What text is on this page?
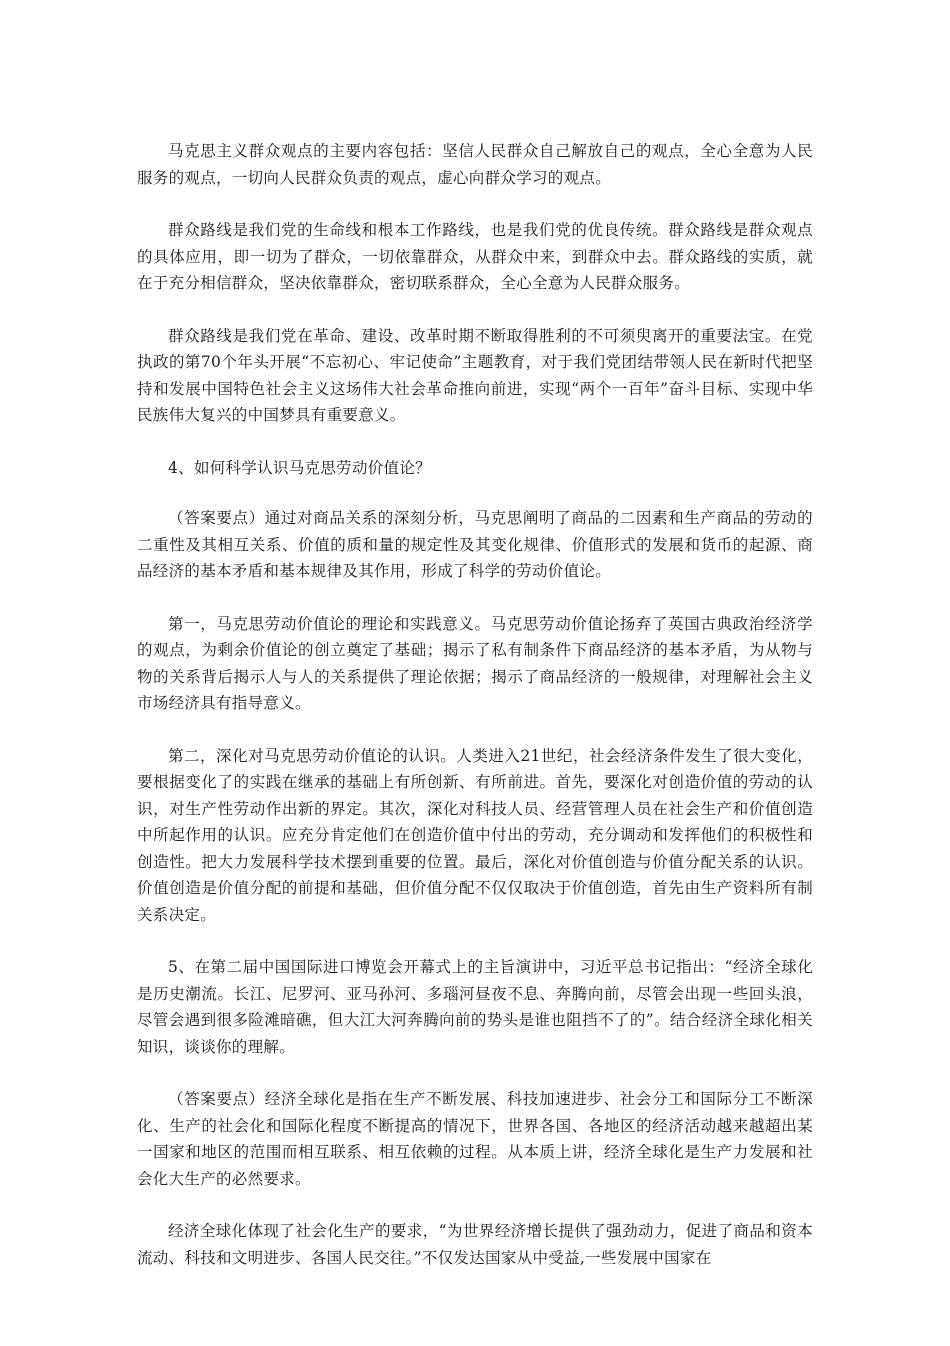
马克思主义群众观点的主要内容包括：坚信人民群众自己解放自己的观点，全心全意为人民服务的观点，一切向人民群众负责的观点，虚心向群众学习的观点。

群众路线是我们党的生命线和根本工作路线，也是我们党的优良传统。群众路线是群众观点的具体应用，即一切为了群众，一切依靠群众，从群众中来，到群众中去。群众路线的实质，就在于充分相信群众，坚决依靠群众，密切联系群众，全心全意为人民群众服务。

群众路线是我们党在革命、建设、改革时期不断取得胜利的不可须臾离开的重要法宝。在党执政的第70个年头开展“不忘初心、牢记使命”主题教育，对于我们党团结带领人民在新时代把坚持和发展中国特色社会主义这场伟大社会革命推向前进，实现“两个一百年”奋斗目标、实现中华民族伟大复兴的中国梦具有重要意义。

4、如何科学认识马克思劳动价值论？

（答案要点）通过对商品关系的深刻分析，马克思阐明了商品的二因素和生产商品的劳动的二重性及其相互关系、价值的质和量的规定性及其变化规律、价值形式的发展和货币的起源、商品经济的基本矛盾和基本规律及其作用，形成了科学的劳动价值论。

第一，马克思劳动价值论的理论和实践意义。马克思劳动价值论扬弃了英国古典政治经济学的观点，为剩余价值论的创立奠定了基础；揭示了私有制条件下商品经济的基本矛盾，为从物与物的关系背后揭示人与人的关系提供了理论依据；揭示了商品经济的一般规律，对理解社会主义市场经济具有指导意义。

第二，深化对马克思劳动价值论的认识。人类进入21世纪，社会经济条件发生了很大变化，要根据变化了的实践在继承的基础上有所创新、有所前进。首先，要深化对创造价值的劳动的认识，对生产性劳动作出新的界定。其次，深化对科技人员、经营管理人员在社会生产和价值创造中所起作用的认识。应充分肯定他们在创造价值中付出的劳动，充分调动和发挥他们的积极性和创造性。把大力发展科学技术摆到重要的位置。最后，深化对价值创造与价值分配关系的认识。价值创造是价值分配的前提和基础，但价值分配不仅仅取决于价值创造，首先由生产资料所有制关系决定。

5、在第二届中国国际进口博览会开幕式上的主旨演讲中，习近平总书记指出：“经济全球化是历史潮流。长江、尼罗河、亚马孙河、多瑙河昼夜不息、奔腾向前，尽管会出现一些回头浪，尽管会遇到很多险滩暗礁，但大江大河奔腾向前的势头是谁也阻挡不了的”。结合经济全球化相关知识，谈谈你的理解。

（答案要点）经济全球化是指在生产不断发展、科技加速进步、社会分工和国际分工不断深化、生产的社会化和国际化程度不断提高的情况下，世界各国、各地区的经济活动越来越超出某一国家和地区的范围而相互联系、相互依赖的过程。从本质上讲，经济全球化是生产力发展和社会化大生产的必然要求。

经济全球化体现了社会化生产的要求，“为世界经济增长提供了强劲动力，促进了商品和资本流动、科技和文明进步、各国人民交往。”不仅发达国家从中受益,一些发展中国家在
